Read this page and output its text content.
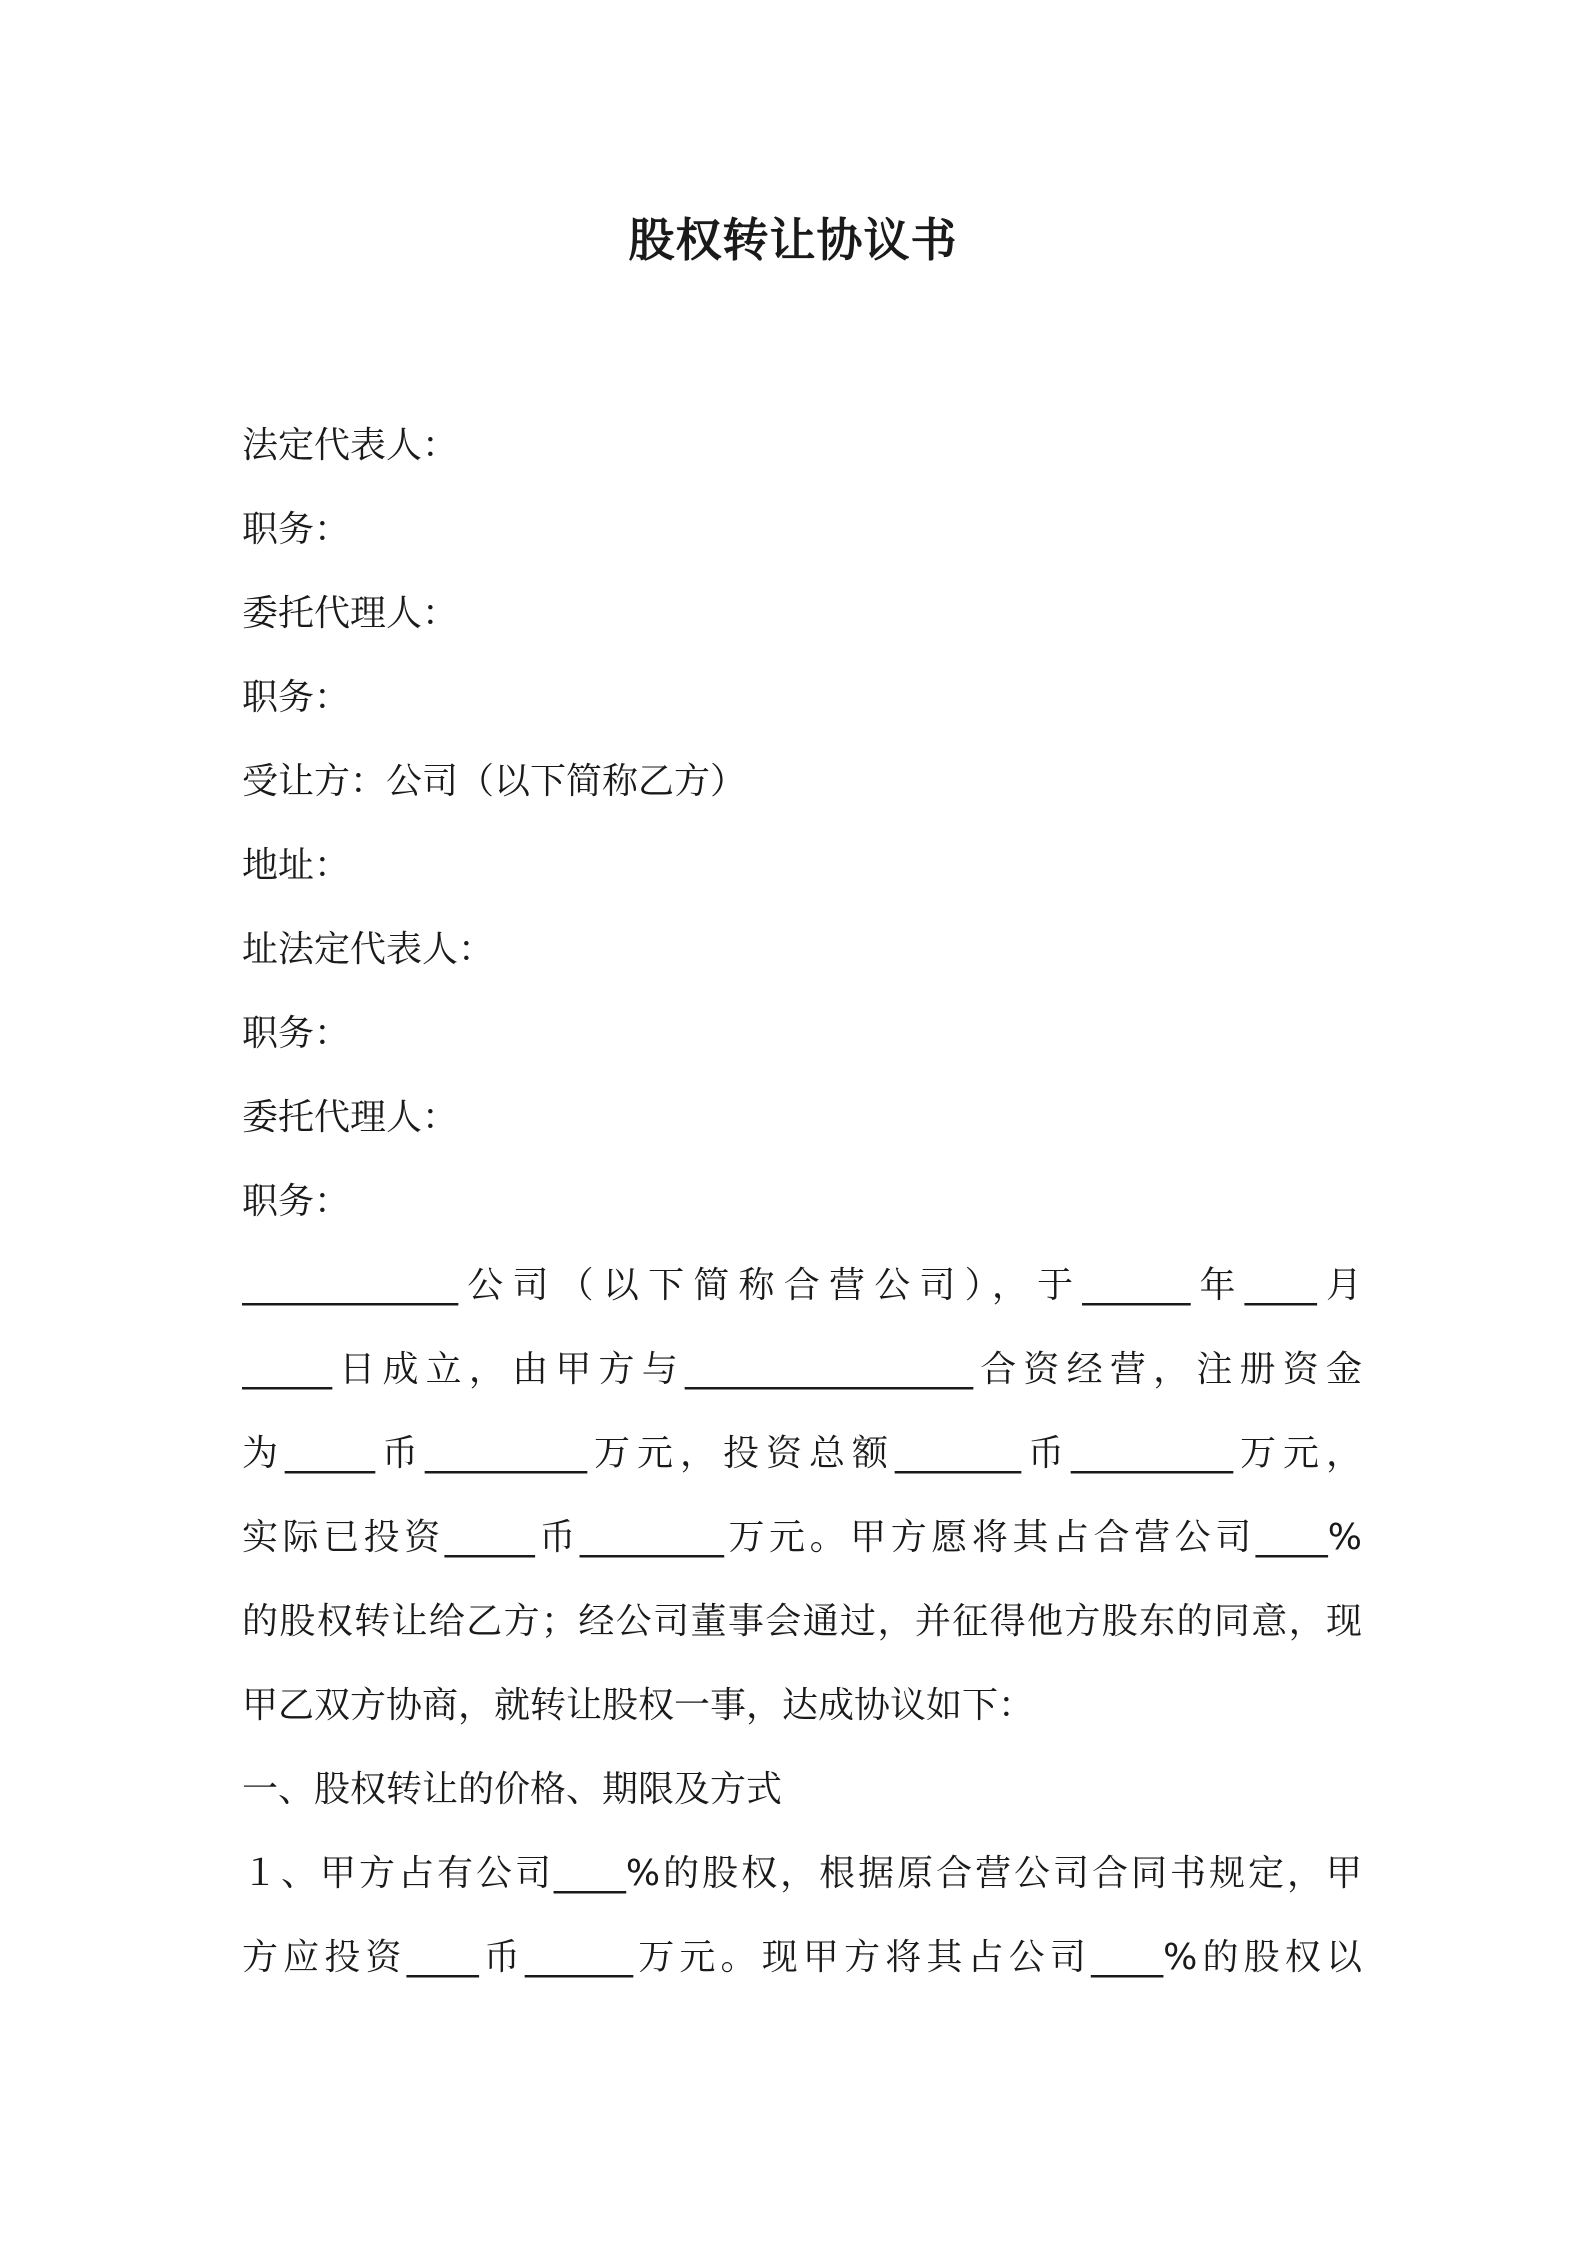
股权转让协议书
法定代表人：
职务：
委托代理人：
职务：
受让方：公司（以下简称乙方）
地址：
址法定代表人：
职务：
委托代理人：
职务：
____________公司（以下简称合营公司），于______年____月
_____日成立，由甲方与________________合资经营，注册资金
为_____币_________万元，投资总额_______币_________万元，
实际已投资_____币________万元。甲方愿将其占合营公司____%
的股权转让给乙方；经公司董事会通过，并征得他方股东的同意，现
甲乙双方协商，就转让股权一事，达成协议如下：
一、股权转让的价格、期限及方式
１、甲方占有公司____%的股权，根据原合营公司合同书规定，甲
方应投资____币______万元。现甲方将其占公司____%的股权以
